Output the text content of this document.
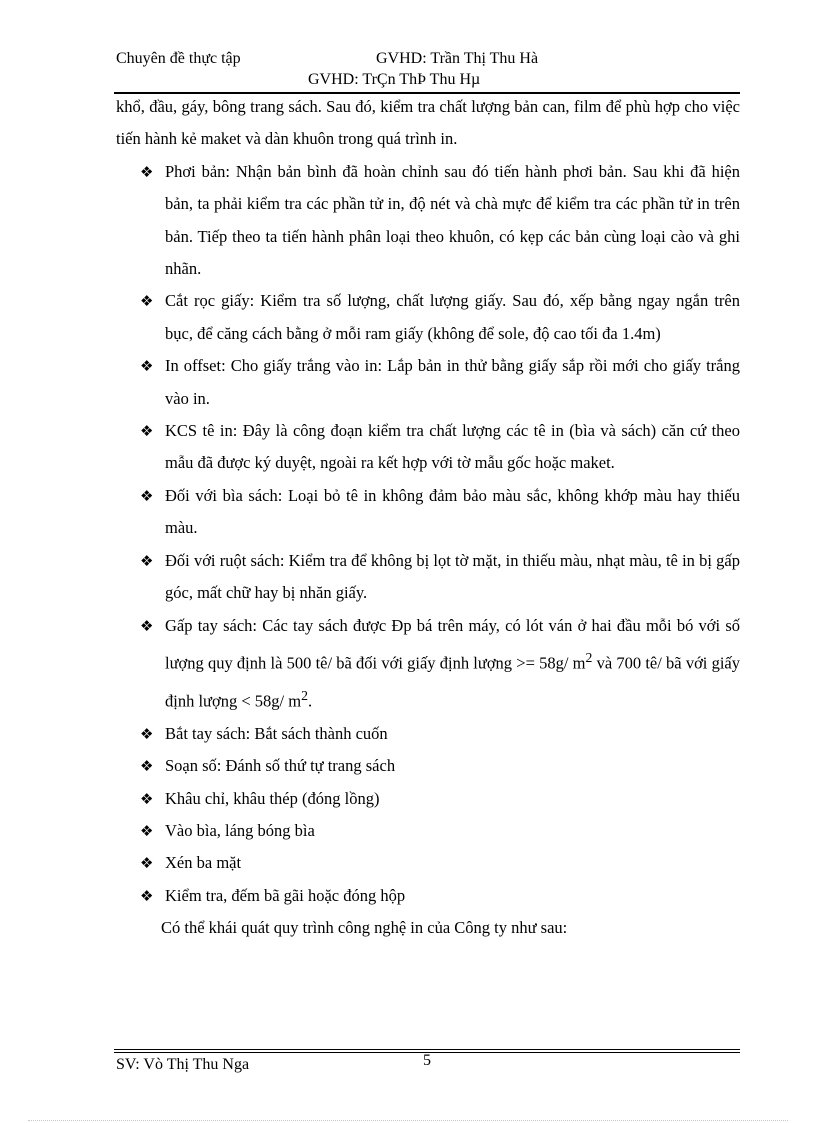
Chuyên đề thực tập	GVHD: Trần Thị Thu Hà
GVHD: TrÇn ThÞ Thu Hµ

khổ, đầu, gáy, bông trang sách. Sau đó, kiểm tra chất lượng bản can, film để phù hợp cho việc tiến hành kẻ maket và dàn khuôn trong quá trình in.

❖ Phơi bản: Nhận bản bình đã hoàn chỉnh sau đó tiến hành phơi bản. Sau khi đã hiện bản, ta phải kiểm tra các phần tử in, độ nét và chà mực để kiểm tra các phần tử in trên bản. Tiếp theo ta tiến hành phân loại theo khuôn, có kẹp các bản cùng loại cào và ghi nhãn.
❖ Cắt rọc giấy: Kiểm tra số lượng, chất lượng giấy. Sau đó, xếp bằng ngay ngắn trên bục, để căng cách bằng ở mỗi ram giấy (không để sole, độ cao tối đa 1.4m)
❖ In offset: Cho giấy trắng vào in: Lắp bản in thử bằng giấy sắp rồi mới cho giấy trắng vào in.
❖ KCS tê in: Đây là công đoạn kiểm tra chất lượng các tê in (bìa và sách) căn cứ theo mẫu đã được ký duyệt, ngoài ra kết hợp với tờ mẫu gốc hoặc maket.
❖ Đối với bìa sách: Loại bỏ tê in không đảm bảo màu sắc, không khớp màu hay thiếu màu.
❖ Đối với ruột sách: Kiểm tra để không bị lọt tờ mặt, in thiếu màu, nhạt màu, tê in bị gấp góc, mất chữ hay bị nhăn giấy.
❖ Gấp tay sách: Các tay sách được Ðp bá trên máy, có lót ván ở hai đầu mỗi bó với số lượng quy định là 500 tê/ bã đối với giấy định lượng >= 58g/ $m^2$ và 700 tê/ bã với giấy định lượng < 58g/ $m^2$.
❖ Bắt tay sách: Bắt sách thành cuốn
❖ Soạn số: Đánh số thứ tự trang sách
❖ Khâu chỉ, khâu thép (đóng lồng)
❖ Vào bìa, láng bóng bìa
❖ Xén ba mặt
❖ Kiểm tra, đếm bã gãi hoặc đóng hộp

Có thể khái quát quy trình công nghệ in của Công ty như sau:

SV: Vò Thị Thu Nga	5
